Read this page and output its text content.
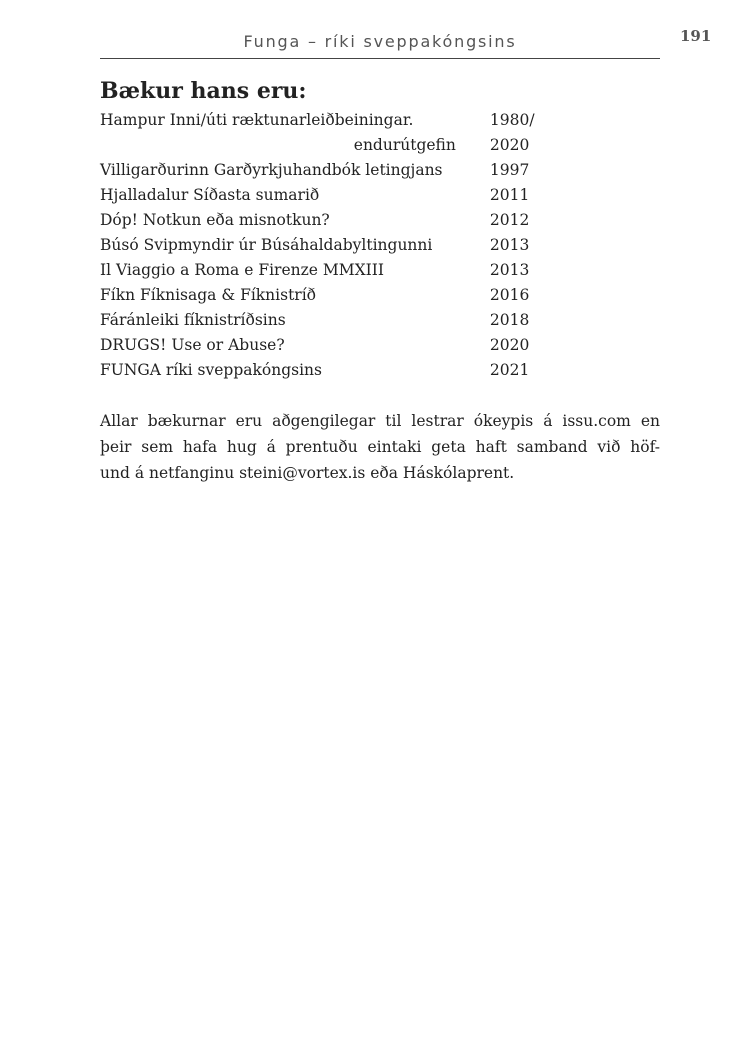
Funga – ríki sveppakóngsins	191
Bækur hans eru:
Hampur Inni/úti ræktunarleiðbeiningar.	1980/
endurútgefin	2020
Villigarðurinn Garðyrkjuhandbók letingjans	1997
Hjalladalur Síðasta sumarið	2011
Dóp! Notkun eða misnotkun?	2012
Búsó Svipmyndir úr Búsáhaldabyltingunni	2013
Il Viaggio a Roma e Firenze MMXIII	2013
Fíkn Fíknisaga & Fíknistríð	2016
Fáránleiki fíknistríðsins	2018
DRUGS! Use or Abuse?	2020
FUNGA ríki sveppakóngsins	2021

Allar bækurnar eru aðgengilegar til lestrar ókeypis á issu.com en
þeir sem hafa hug á prentuðu eintaki geta haft samband við höf-
und á netfanginu steini@vortex.is eða Háskólaprent.
